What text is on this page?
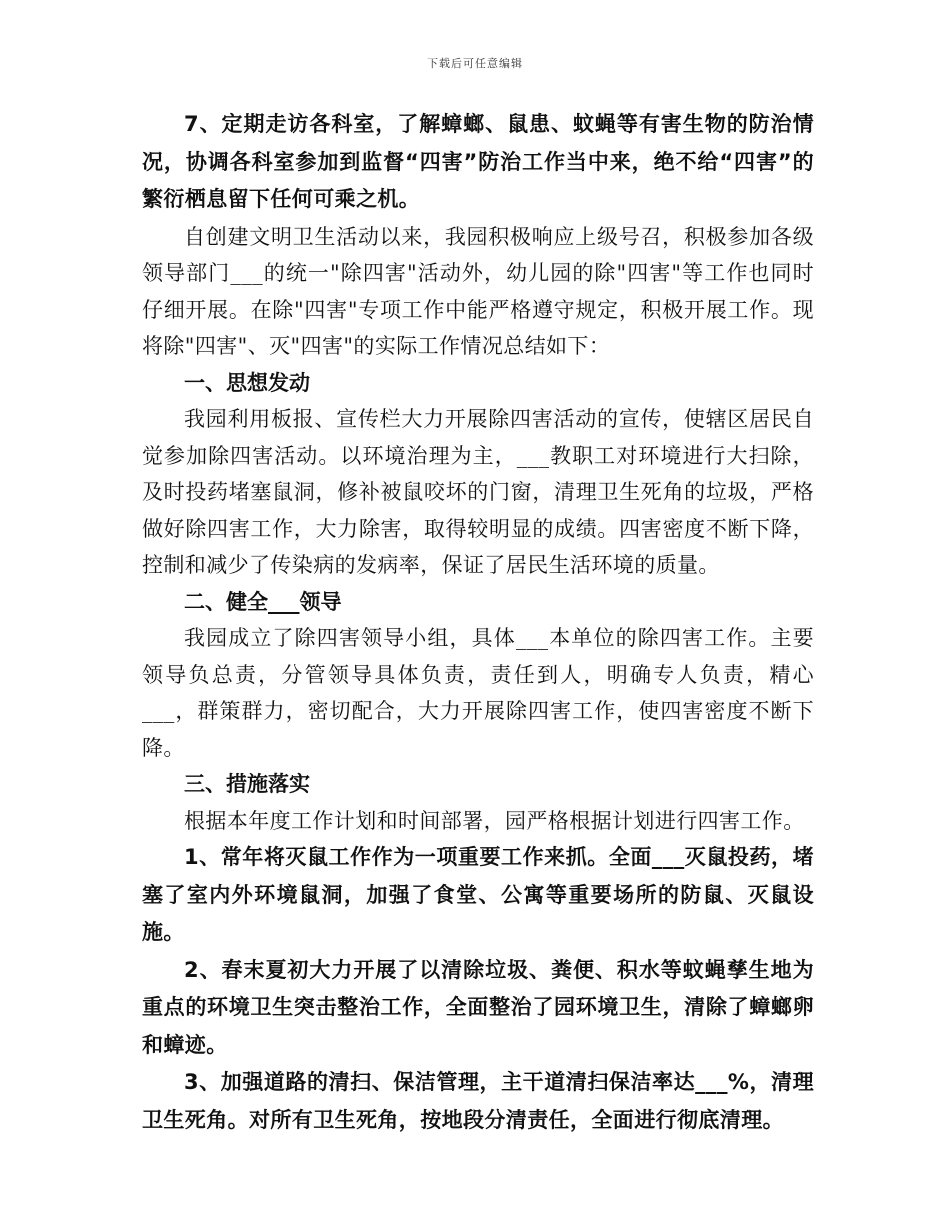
下载后可任意编辑

7、定期走访各科室，了解蟑螂、鼠患、蚊蝇等有害生物的防治情况，协调各科室参加到监督“四害”防治工作当中来，绝不给“四害”的繁衍栖息留下任何可乘之机。

自创建文明卫生活动以来，我园积极响应上级号召，积极参加各级领导部门___的统一"除四害"活动外，幼儿园的除"四害"等工作也同时仔细开展。在除"四害"专项工作中能严格遵守规定，积极开展工作。现将除"四害"、灭"四害"的实际工作情况总结如下：

一、思想发动

我园利用板报、宣传栏大力开展除四害活动的宣传，使辖区居民自觉参加除四害活动。以环境治理为主，___教职工对环境进行大扫除，及时投药堵塞鼠洞，修补被鼠咬坏的门窗，清理卫生死角的垃圾，严格做好除四害工作，大力除害，取得较明显的成绩。四害密度不断下降，控制和减少了传染病的发病率，保证了居民生活环境的质量。

二、健全___领导

我园成立了除四害领导小组，具体___本单位的除四害工作。主要领导负总责，分管领导具体负责，责任到人，明确专人负责，精心___，群策群力，密切配合，大力开展除四害工作，使四害密度不断下降。

三、措施落实

根据本年度工作计划和时间部署，园严格根据计划进行四害工作。

1、常年将灭鼠工作作为一项重要工作来抓。全面___灭鼠投药，堵塞了室内外环境鼠洞，加强了食堂、公寓等重要场所的防鼠、灭鼠设施。

2、春末夏初大力开展了以清除垃圾、粪便、积水等蚊蝇孳生地为重点的环境卫生突击整治工作，全面整治了园环境卫生，清除了蟑螂卵和蟑迹。

3、加强道路的清扫、保洁管理，主干道清扫保洁率达___%，清理卫生死角。对所有卫生死角，按地段分清责任，全面进行彻底清理。
